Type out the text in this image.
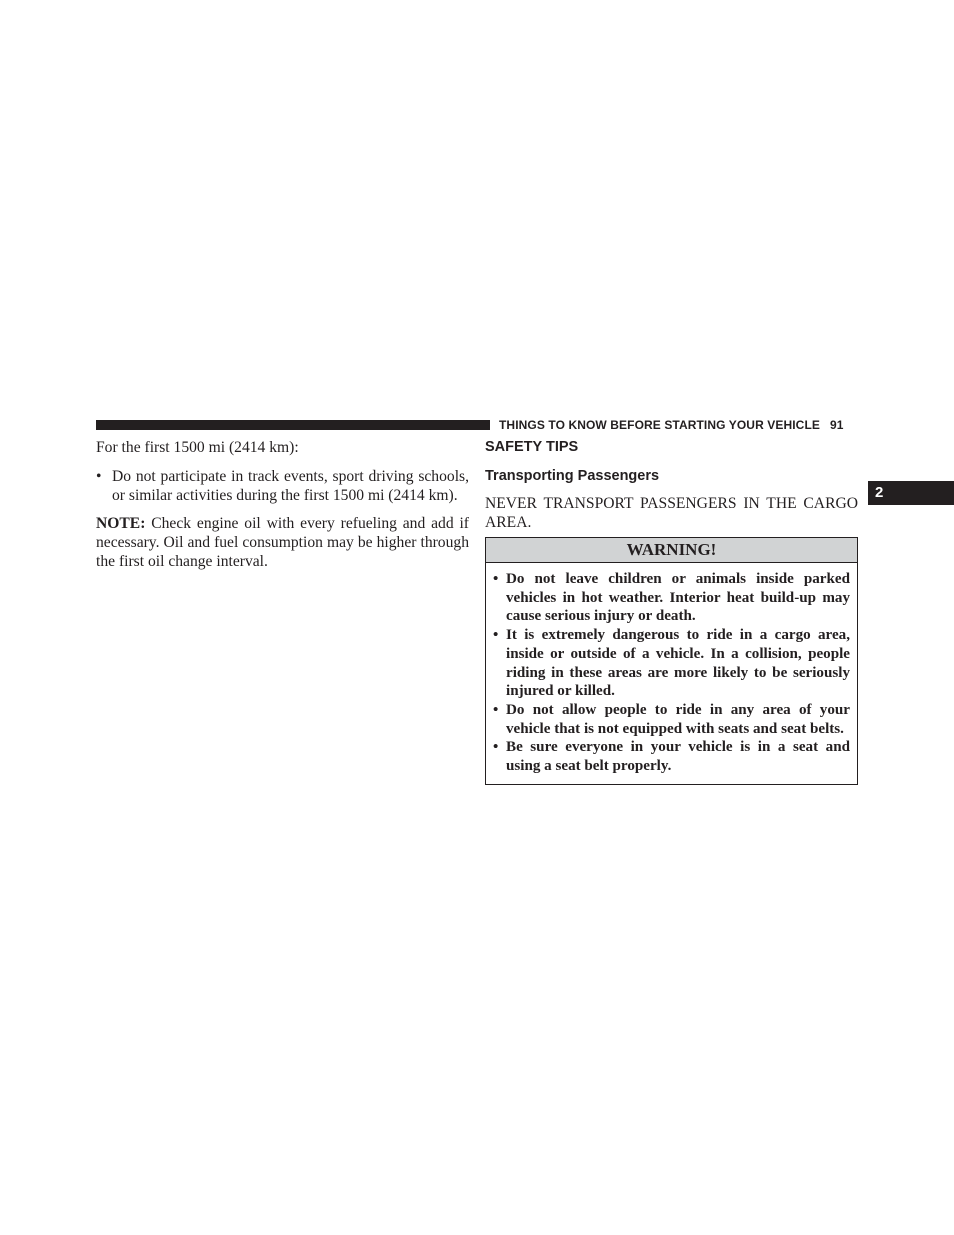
THINGS TO KNOW BEFORE STARTING YOUR VEHICLE 91
2

For the first 1500 mi (2414 km):

• Do not participate in track events, sport driving schools, or similar activities during the first 1500 mi (2414 km).

NOTE: Check engine oil with every refueling and add if necessary. Oil and fuel consumption may be higher through the first oil change interval.

SAFETY TIPS
Transporting Passengers

NEVER TRANSPORT PASSENGERS IN THE CARGO AREA.

WARNING!
• Do not leave children or animals inside parked vehicles in hot weather. Interior heat build-up may cause serious injury or death.
• It is extremely dangerous to ride in a cargo area, inside or outside of a vehicle. In a collision, people riding in these areas are more likely to be seriously injured or killed.
• Do not allow people to ride in any area of your vehicle that is not equipped with seats and seat belts.
• Be sure everyone in your vehicle is in a seat and using a seat belt properly.
